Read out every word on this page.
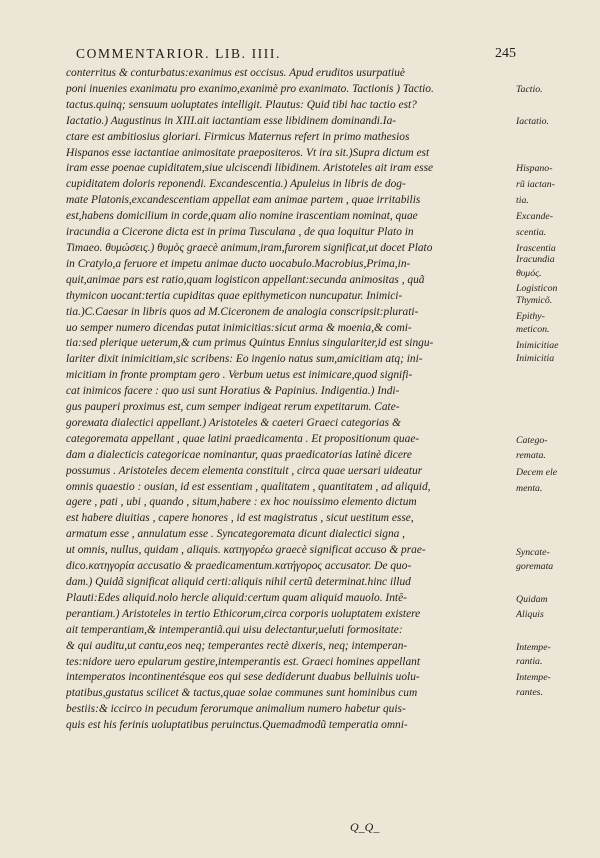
COMMENTARIOR. LIB. IIII.	245
conterritus & conturbatus:exanimus est occisus. Apud eruditos usurpatiuè
poni inuenies exanimatu pro exanimo,exanimè pro exanimato. Tactionis ) Tactio.
tactus.quinq; sensuum uoluptates intelligit. Plautus: Quid tibi hac tactio est?
Iactatio.) Augustinus in XIII.ait iactantiam esse libidinem dominandi.Ia-
ctare est ambitiosius gloriari. Firmicus Maternus refert in primo mathesios
Hispanos esse iactantiae animositate praepositeros. Vt ira sit.)Supra dictum est
iram esse poenae cupiditatem,siue ulciscendi libidinem. Aristoteles ait iram esse
cupiditatem doloris reponendi. Excandescentia.) Apuleius in libris de dog-
mate Platonis,excandescentiam appellat eam animae partem , quae irritabilis
est,habens domicilium in corde,quam alio nomine irascentiam nominat, quae
iracundia a Cicerone dicta est in prima Tusculana , de qua loquitur Plato in
Timaeo. θυμώσεις.) θυμὸς graecè animum,iram,furorem significat,ut docet Plato
in Cratylo,a feruore et impetu animae ducto uocabulo.Macrobius,Prima,in-
quit,animae pars est ratio,quam logisticon appellant:secunda animositas , quã
thymicon uocant:tertia cupiditas quae epithymeticon nuncupatur. Inimici-
tia.)C.Caesar in libris quos ad M.Ciceronem de analogia conscripsit:plurati-
uo semper numero dicendas putat inimicitias:sicut arma & moenia,& comi-
tia:sed plerique ueterum,& cum primus Quintus Ennius singulariter,id est singu-
lariter dixit inimicitiam,sic scribens: Eo ingenio natus sum,amicitiam atq; ini-
micitiam in fronte promptam gero . Verbum uetus est inimicare,quod signifi-
cat inimicos facere : quo usi sunt Horatius & Papinius. Indigentia.) Indi-
gus pauperi proximus est, cum semper indigeat rerum expetitarum. Cate-
gorемata dialectici appellant.) Aristoteles & caeteri Graeci categorias &
categoremata appellant , quae latini praedicamenta . Et propositionum quae-
dam a dialecticis categoricae nominantur, quas praedicatorias latinè dicere
possumus . Aristoteles decem elementa constituit , circa quae uersari uideatur
omnis quaestio : ousian, id est essentiam , qualitatem , quantitatem , ad aliquid,
agere , pati , ubi , quando , situm,habere : ex hoc nouissimo elemento dictum
est habere diuitias , capere honores , id est magistratus , sicut uestitum esse,
armatum esse , annulatum esse . Syncategoremata dicunt dialectici signa ,
ut omnis, nullus, quidam , aliquis. κατηγορέω graecè significat accuso & prae-
dico.κατηγορία accusatio & praedicamentum.κατήγορος accusator. De quo-
dam.) Quidã significat aliquid certi:aliquis nihil certũ determinat.hinc illud
Plauti:Edes aliquid.nolo hercle aliquid:certum quam aliquid mauolo. Intē-
perantiam.) Aristoteles in tertio Ethicorum,circa corporis uoluptatem existere
ait temperantiam,& intemperantiã.qui uisu delectantur,ueluti formositate:
& qui auditu,ut cantu,eos neq; temperantes rectè dixeris, neq; intemperan-
tes:nidore uero epularum gestire,intemperantis est. Graeci homines appellant
intemperatos incontinentésque eos qui sese dediderunt duabus belluinis uolu-
ptatibus,gustatus scilicet & tactus,quae solae communes sunt hominibus cum
bestiis:& iccirco in pecudum ferorumque animalium numero habetur quis-
quis est his ferinis uoluptatibus peruinctus.Quemadmodũ temperatia omni-
Tactio.
Iactatio.
Hispano-
rũ iactan-
tia.
Excande-
scentia.
Irascentia
Iracundia
θυμός.
Logisticon
Thymicõ.
Epithy-
meticon.
Inimicitiae
Inimicitia
Catego-
remata.
Decem ele
menta.
Syncate-
goremata
Quidam
Aliquis
Intempe-
rantia.
Intempe-
rantes.
Q_Q_
